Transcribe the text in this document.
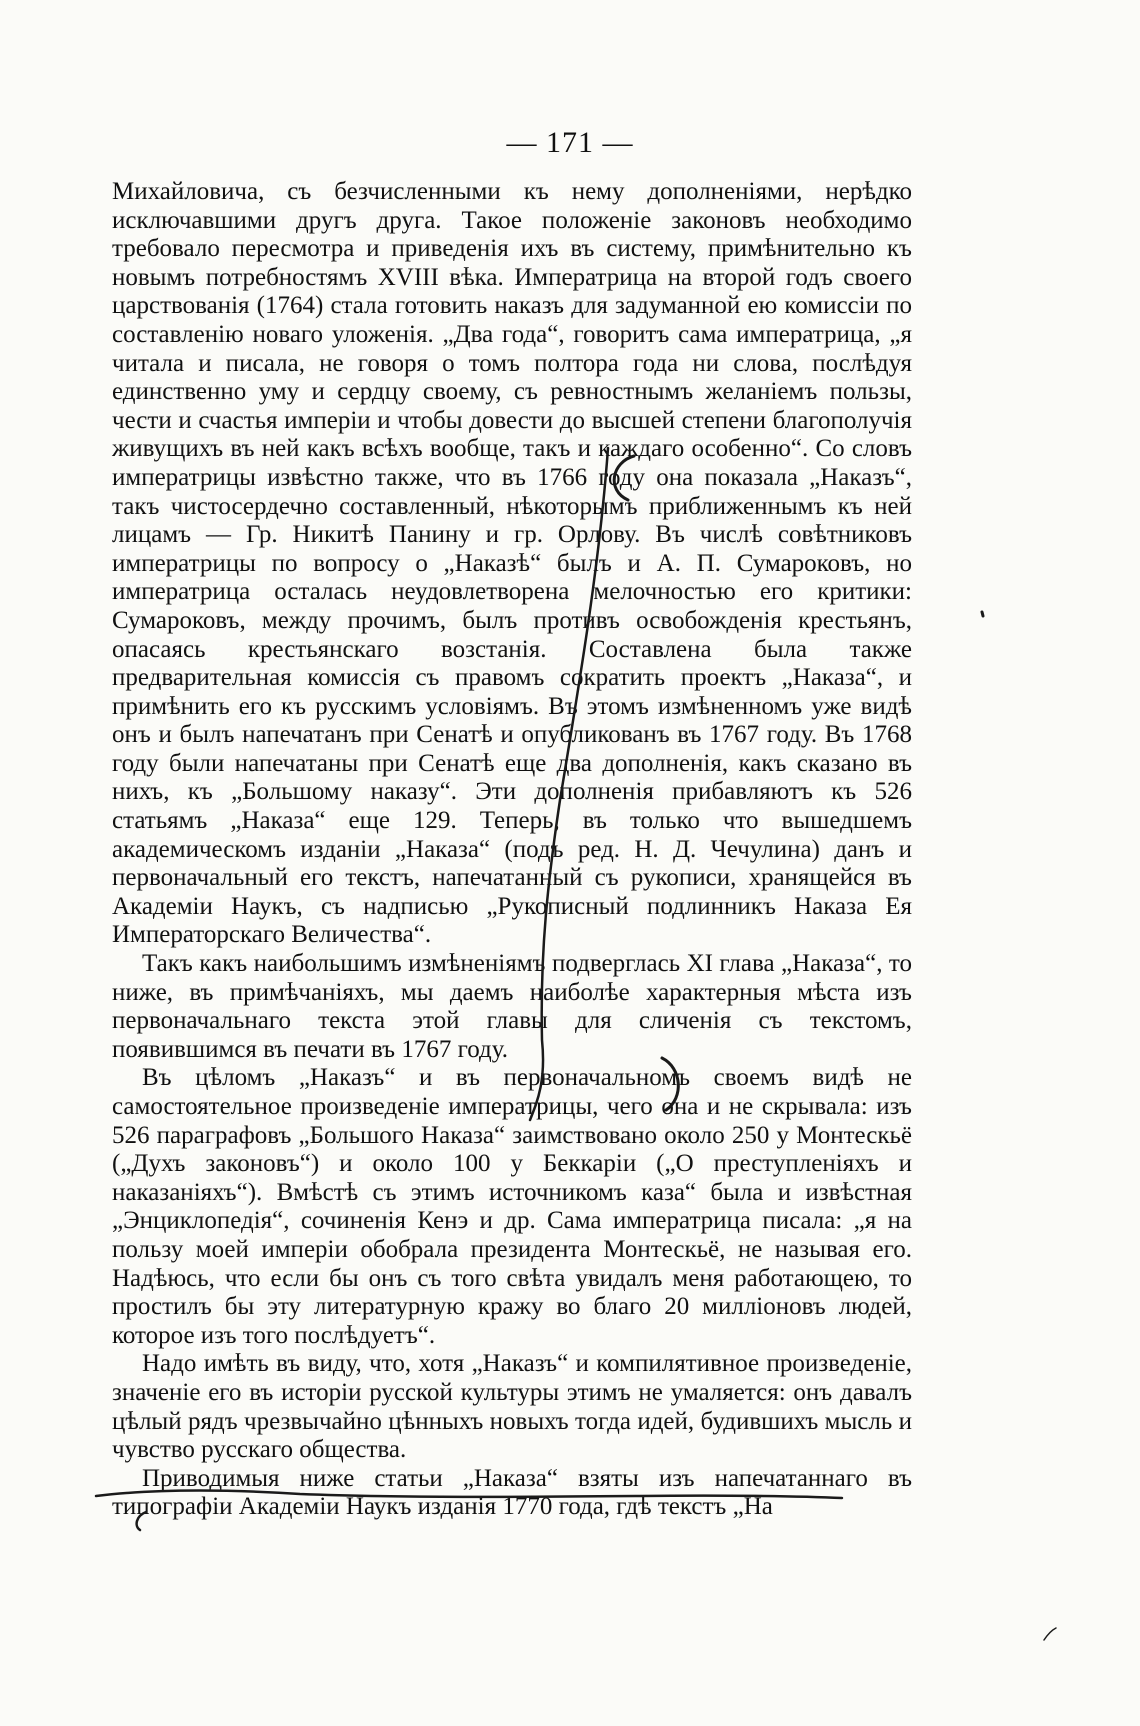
— 171 —

Михайловича, съ безчисленными къ нему дополненіями, нерѣдко исключавшими другъ друга. Такое положеніе законовъ необходимо требовало пересмотра и приведенія ихъ въ систему, примѣнительно къ новымъ потребностямъ XVIII вѣка. Императрица на второй годъ своего царствованія (1764) стала готовить наказъ для задуманной ею комиссіи по составленію новаго уложенія. „Два года“, говоритъ сама императрица, „я читала и писала, не говоря о томъ полтора года ни слова, послѣдуя единственно уму и сердцу своему, съ ревностнымъ желаніемъ пользы, чести и счастья имперіи и чтобы довести до высшей степени благополучія живущихъ въ ней какъ всѣхъ вообще, такъ и каждаго особенно“. Со словъ императрицы извѣстно также, что въ 1766 году она показала „Наказъ“, такъ чистосердечно составленный, нѣкоторымъ приближеннымъ къ ней лицамъ — Гр. Никитѣ Панину и гр. Орлову. Въ числѣ совѣтниковъ императрицы по вопросу о „Наказѣ“ былъ и А. П. Сумароковъ, но императрица осталась неудовлетворена мелочностью его критики: Сумароковъ, между прочимъ, былъ противъ освобожденія крестьянъ, опасаясь крестьянскаго возстанія. Составлена была также предварительная комиссія съ правомъ сократить проектъ „Наказа“, и примѣнить его къ русскимъ условіямъ. Въ этомъ измѣненномъ уже видѣ онъ и былъ напечатанъ при Сенатѣ и опубликованъ въ 1767 году. Въ 1768 году были напечатаны при Сенатѣ еще два дополненія, какъ сказано въ нихъ, къ „Большому наказу“. Эти дополненія прибавляютъ къ 526 статьямъ „Наказа“ еще 129. Теперь, въ только что вышедшемъ академическомъ изданіи „Наказа“ (подъ ред. Н. Д. Чечулина) данъ и первоначальный его текстъ, напечатанный съ рукописи, хранящейся въ Академіи Наукъ, съ надписью „Рукописный подлинникъ Наказа Ея Императорскаго Величества“.

Такъ какъ наибольшимъ измѣненіямъ подверглась XI глава „Наказа“, то ниже, въ примѣчаніяхъ, мы даемъ наиболѣе характерныя мѣста изъ первоначальнаго текста этой главы для сличенія съ текстомъ, появившимся въ печати въ 1767 году.

Въ цѣломъ „Наказъ“ и въ первоначальномъ своемъ видѣ не самостоятельное произведеніе императрицы, чего она и не скрывала: изъ 526 параграфовъ „Большого Наказа“ заимствовано около 250 у Монтескьё („Духъ законовъ“) и около 100 у Беккаріи („О преступленіяхъ и наказаніяхъ“). Вмѣстѣ съ этимъ источникомъ каза“ была и извѣстная „Энциклопедія“, сочиненія Кенэ и др. Сама императрица писала: „я на пользу моей имперіи обобрала президента Монтескьё, не называя его. Надѣюсь, что если бы онъ съ того свѣта увидалъ меня работающею, то простилъ бы эту литературную кражу во благо 20 милліоновъ людей, которое изъ того послѣдуетъ“.

Надо имѣть въ виду, что, хотя „Наказъ“ и компилятивное произведеніе, значеніе его въ исторіи русской культуры этимъ не умаляется: онъ давалъ цѣлый рядъ чрезвычайно цѣнныхъ новыхъ тогда идей, будившихъ мысль и чувство русскаго общества.

Приводимыя ниже статьи „Наказа“ взяты изъ напечатаннаго въ типографіи Академіи Наукъ изданія 1770 года, гдѣ текстъ „На
